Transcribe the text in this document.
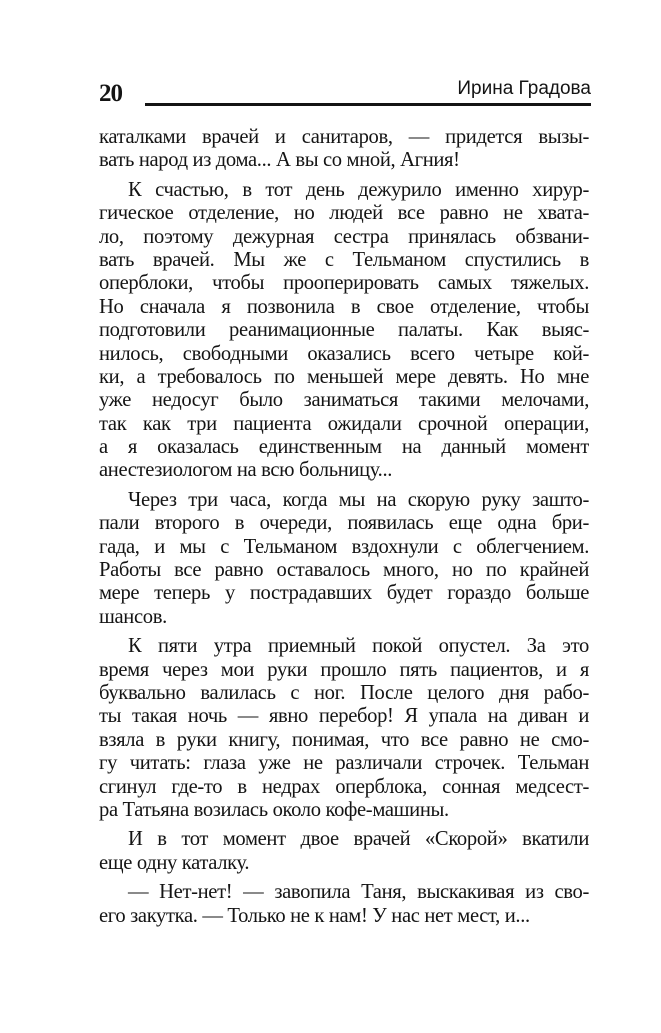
20	Ирина Градова
каталками врачей и санитаров, — придется вызы-
вать народ из дома... А вы со мной, Агния!
К счастью, в тот день дежурило именно хирур-
гическое отделение, но людей все равно не хвата-
ло, поэтому дежурная сестра принялась обзвани-
вать врачей. Мы же с Тельманом спустились в
оперблоки, чтобы прооперировать самых тяжелых.
Но сначала я позвонила в свое отделение, чтобы
подготовили реанимационные палаты. Как выяс-
нилось, свободными оказались всего четыре кой-
ки, а требовалось по меньшей мере девять. Но мне
уже недосуг было заниматься такими мелочами,
так как три пациента ожидали срочной операции,
а я оказалась единственным на данный момент
анестезиологом на всю больницу...
Через три часа, когда мы на скорую руку зашто-
пали второго в очереди, появилась еще одна бри-
гада, и мы с Тельманом вздохнули с облегчением.
Работы все равно оставалось много, но по крайней
мере теперь у пострадавших будет гораздо больше
шансов.
К пяти утра приемный покой опустел. За это
время через мои руки прошло пять пациентов, и я
буквально валилась с ног. После целого дня рабо-
ты такая ночь — явно перебор! Я упала на диван и
взяла в руки книгу, понимая, что все равно не смо-
гу читать: глаза уже не различали строчек. Тельман
сгинул где-то в недрах оперблока, сонная медсест-
ра Татьяна возилась около кофе-машины.
И в тот момент двое врачей «Скорой» вкатили
еще одну каталку.
— Нет-нет! — завопила Таня, выскакивая из сво-
его закутка. — Только не к нам! У нас нет мест, и...
